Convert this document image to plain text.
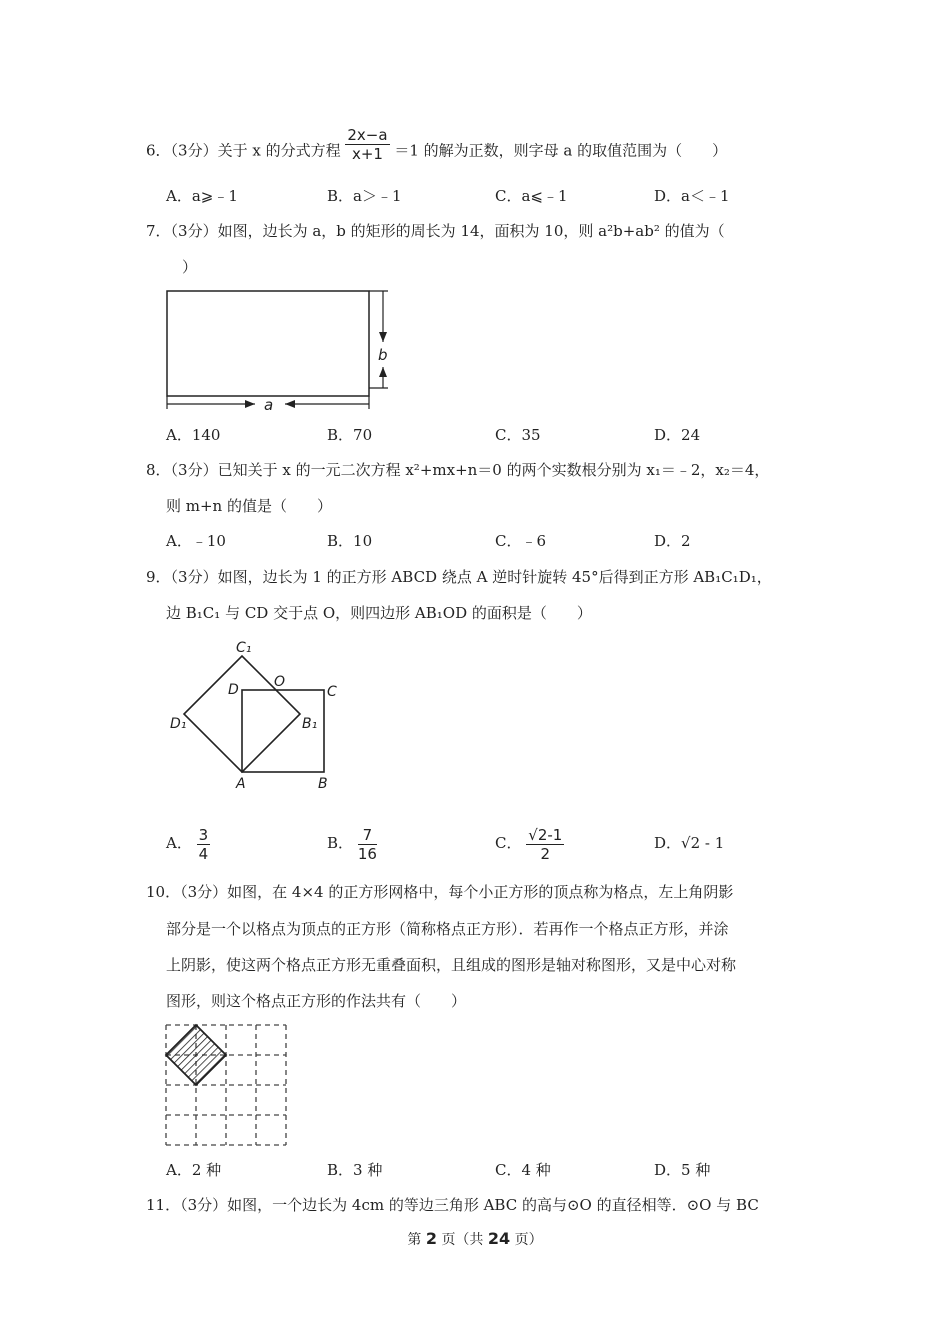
6．（3分）关于 x 的分式方程 $\frac{2x-a}{x+1} =1$ 的解为正数，则字母 a 的取值范围为（　　）
A．a⩾﹣1	B．a＞﹣1	C．a⩽﹣1	D．a＜﹣1
7．（3分）如图，边长为 a，b 的矩形的周长为 14，面积为 10，则 a²b+ab² 的值为（
）
a
b
A．140	B．70	C．35	D．24
8．（3分）已知关于 x 的一元二次方程 x²+mx+n＝0 的两个实数根分别为 x₁＝﹣2，x₂＝4，
则 m+n 的值是（　　）
A．﹣10	B．10	C．﹣6	D．2
9．（3分）如图，边长为 1 的正方形 ABCD 绕点 A 逆时针旋转 45°后得到正方形 AB₁C₁D₁，
边 B₁C₁ 与 CD 交于点 O，则四边形 AB₁OD 的面积是（　　）
A	B
C
D	O
B₁
C₁
D₁
A． $\frac{3}{4}$	B． $\frac{7}{16}$	C． $\frac{√2-1}{2}$	D．√2 - 1
10．（3分）如图，在 4×4 的正方形网格中，每个小正方形的顶点称为格点，左上角阴影
部分是一个以格点为顶点的正方形（简称格点正方形）．若再作一个格点正方形，并涂
上阴影，使这两个格点正方形无重叠面积，且组成的图形是轴对称图形，又是中心对称
图形，则这个格点正方形的作法共有（　　）
A．2 种	B．3 种	C．4 种	D．5 种
11．（3分）如图，一个边长为 4cm 的等边三角形 ABC 的高与⊙O 的直径相等．⊙O 与 BC
第 2 页（共 24 页）
